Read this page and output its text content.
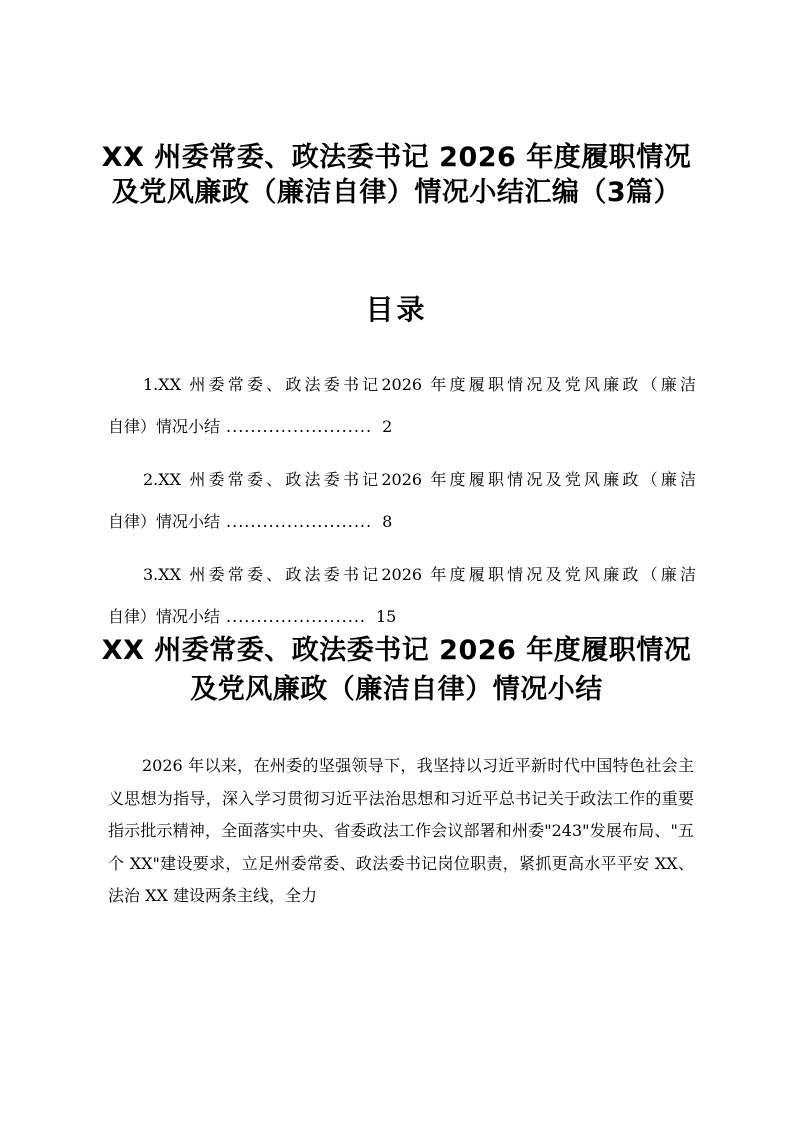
XX 州委常委、政法委书记 2026 年度履职情况及党风廉政（廉洁自律）情况小结汇编（3篇）
目录
1.XX 州委常委、政法委书记2026 年度履职情况及党风廉政（廉洁
自律）情况小结 ........................ 2
2.XX 州委常委、政法委书记2026 年度履职情况及党风廉政（廉洁
自律）情况小结 ........................ 8
3.XX 州委常委、政法委书记2026 年度履职情况及党风廉政（廉洁
自律）情况小结 ....................... 15
XX 州委常委、政法委书记 2026 年度履职情况及党风廉政（廉洁自律）情况小结

2026 年以来，在州委的坚强领导下，我坚持以习近平新时代中国特色社会主义思想为指导，深入学习贯彻习近平法治思想和习近平总书记关于政法工作的重要指示批示精神，全面落实中央、省委政法工作会议部署和州委"243"发展布局、"五个 XX"建设要求，立足州委常委、政法委书记岗位职责，紧抓更高水平平安 XX、法治 XX 建设两条主线，全力
